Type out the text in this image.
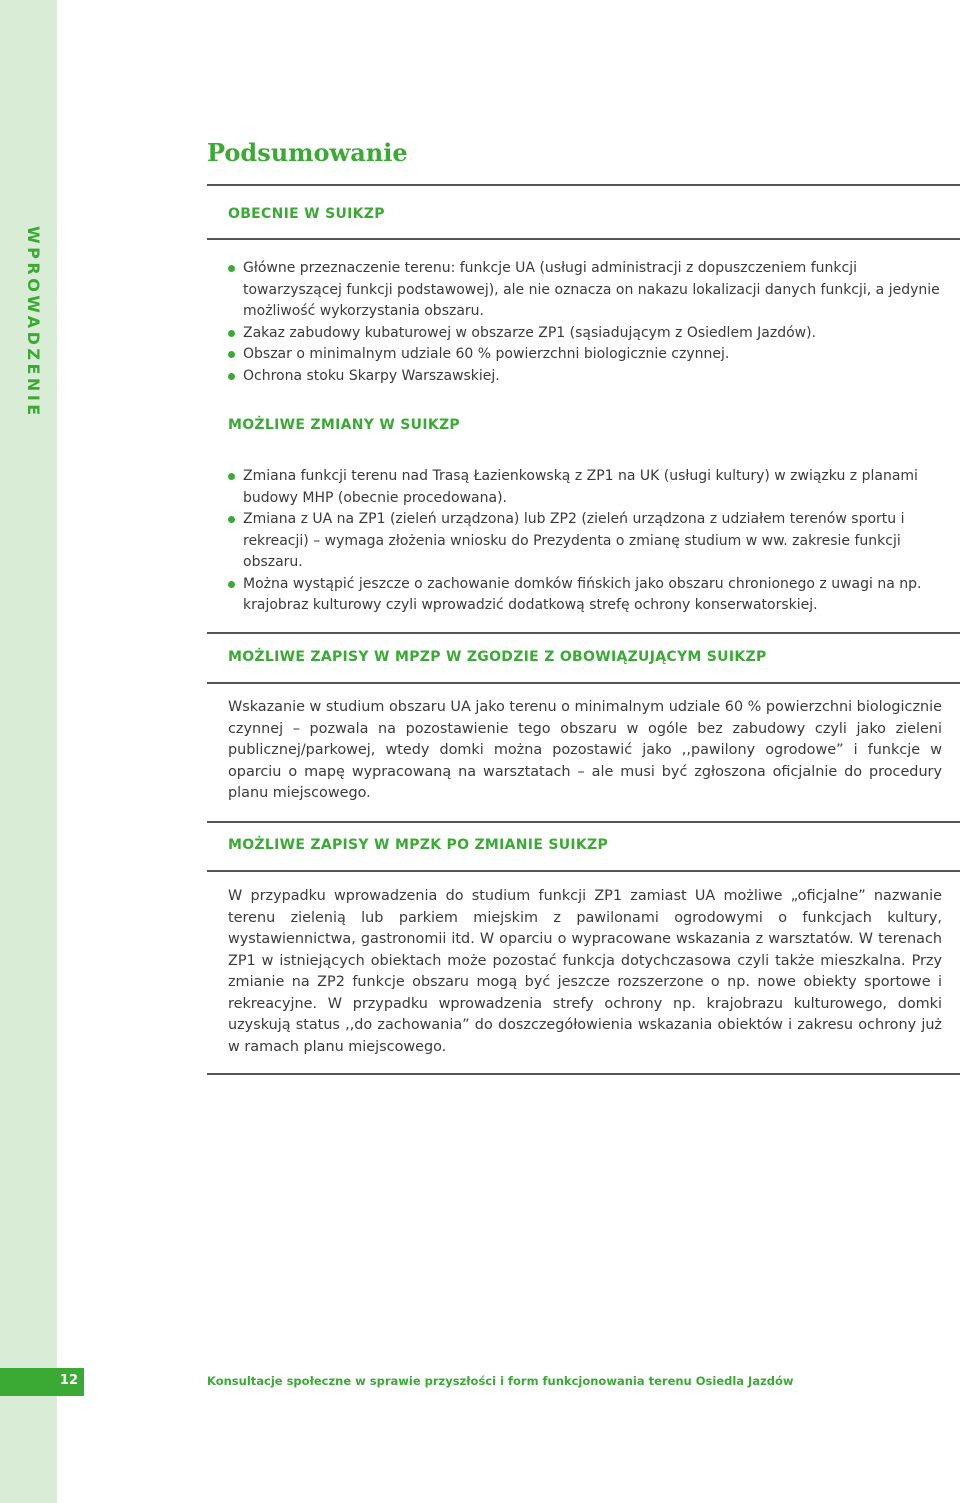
WPROWADZENIE
Podsumowanie
OBECNIE W SUIKZP
Główne przeznaczenie terenu: funkcje UA (usługi administracji z dopuszczeniem funkcji towarzyszącej funkcji podstawowej), ale nie oznacza on nakazu lokalizacji danych funkcji, a jedynie możliwość wykorzystania obszaru.
Zakaz zabudowy kubaturowej w obszarze ZP1 (sąsiadującym z Osiedlem Jazdów).
Obszar o minimalnym udziale 60 % powierzchni biologicznie czynnej.
Ochrona stoku Skarpy Warszawskiej.
MOŻLIWE ZMIANY W SUIKZP
Zmiana funkcji terenu nad Trasą Łazienkowską z ZP1 na UK (usługi kultury) w związku z planami budowy MHP (obecnie procedowana).
Zmiana z UA na ZP1 (zieleń urządzona) lub ZP2 (zieleń urządzona z udziałem terenów sportu i rekreacji) – wymaga złożenia wniosku do Prezydenta o zmianę studium w ww. zakresie funkcji obszaru.
Można wystąpić jeszcze o zachowanie domków fińskich jako obszaru chronionego z uwagi na np. krajobraz kulturowy czyli wprowadzić dodatkową strefę ochrony konserwatorskiej.
MOŻLIWE ZAPISY W MPZP W ZGODZIE Z OBOWIĄZUJĄCYM SUIKZP

Wskazanie w studium obszaru UA jako terenu o minimalnym udziale 60 % powierzchni biologicznie czynnej – pozwala na pozostawienie tego obszaru w ogóle bez zabudowy czyli jako zieleni publicznej/parkowej, wtedy domki można pozostawić jako ,,pawilony ogrodowe” i funkcje w oparciu o mapę wypracowaną na warsztatach – ale musi być zgłoszona oficjalnie do procedury planu miejscowego.

MOŻLIWE ZAPISY W MPZK PO ZMIANIE SUIKZP

W przypadku wprowadzenia do studium funkcji ZP1 zamiast UA możliwe „oficjalne” nazwanie terenu zielenią lub parkiem miejskim z pawilonami ogrodowymi o funkcjach kultury, wystawiennictwa, gastronomii itd. W oparciu o wypracowane wskazania z warsztatów. W terenach ZP1 w istniejących obiektach może pozostać funkcja dotychczasowa czyli także mieszkalna. Przy zmianie na ZP2 funkcje obszaru mogą być jeszcze rozszerzone o np. nowe obiekty sportowe i rekreacyjne. W przypadku wprowadzenia strefy ochrony np. krajobrazu kulturowego, domki uzyskują status ,,do zachowania” do doszczegółowienia wskazania obiektów i zakresu ochrony już w ramach planu miejscowego.

12	Konsultacje społeczne w sprawie przyszłości i form funkcjonowania terenu Osiedla Jazdów
